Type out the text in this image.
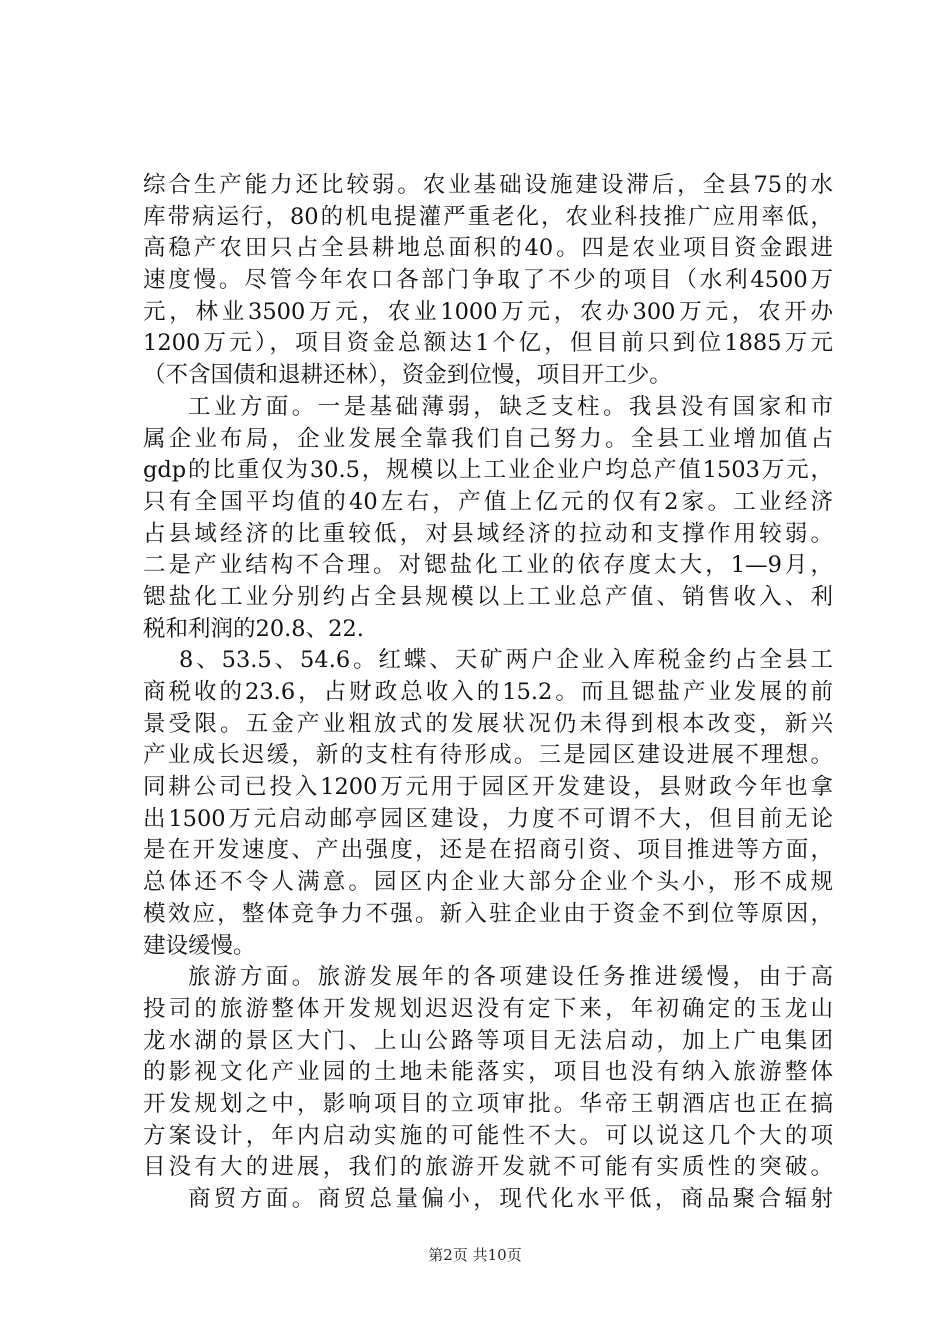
综合生产能力还比较弱。农业基础设施建设滞后，全县75的水
库带病运行，80的机电提灌严重老化，农业科技推广应用率低，
高稳产农田只占全县耕地总面积的40。四是农业项目资金跟进
速度慢。尽管今年农口各部门争取了不少的项目（水利4500万
元，林业3500万元，农业1000万元，农办300万元，农开办
1200万元），项目资金总额达1个亿，但目前只到位1885万元
（不含国债和退耕还林），资金到位慢，项目开工少。
工业方面。一是基础薄弱，缺乏支柱。我县没有国家和市
属企业布局，企业发展全靠我们自己努力。全县工业增加值占
gdp的比重仅为30.5，规模以上工业企业户均总产值1503万元，
只有全国平均值的40左右，产值上亿元的仅有2家。工业经济
占县域经济的比重较低，对县域经济的拉动和支撑作用较弱。
二是产业结构不合理。对锶盐化工业的依存度太大，1—9月，
锶盐化工业分别约占全县规模以上工业总产值、销售收入、利
税和利润的20.8、22.
8、53.5、54.6。红蝶、天矿两户企业入库税金约占全县工
商税收的23.6，占财政总收入的15.2。而且锶盐产业发展的前
景受限。五金产业粗放式的发展状况仍未得到根本改变，新兴
产业成长迟缓，新的支柱有待形成。三是园区建设进展不理想。
同耕公司已投入1200万元用于园区开发建设，县财政今年也拿
出1500万元启动邮亭园区建设，力度不可谓不大，但目前无论
是在开发速度、产出强度，还是在招商引资、项目推进等方面，
总体还不令人满意。园区内企业大部分企业个头小，形不成规
模效应，整体竞争力不强。新入驻企业由于资金不到位等原因，
建设缓慢。
旅游方面。旅游发展年的各项建设任务推进缓慢，由于高
投司的旅游整体开发规划迟迟没有定下来，年初确定的玉龙山
龙水湖的景区大门、上山公路等项目无法启动，加上广电集团
的影视文化产业园的土地未能落实，项目也没有纳入旅游整体
开发规划之中，影响项目的立项审批。华帝王朝酒店也正在搞
方案设计，年内启动实施的可能性不大。可以说这几个大的项
目没有大的进展，我们的旅游开发就不可能有实质性的突破。
商贸方面。商贸总量偏小，现代化水平低，商品聚合辐射
第2页 共10页
